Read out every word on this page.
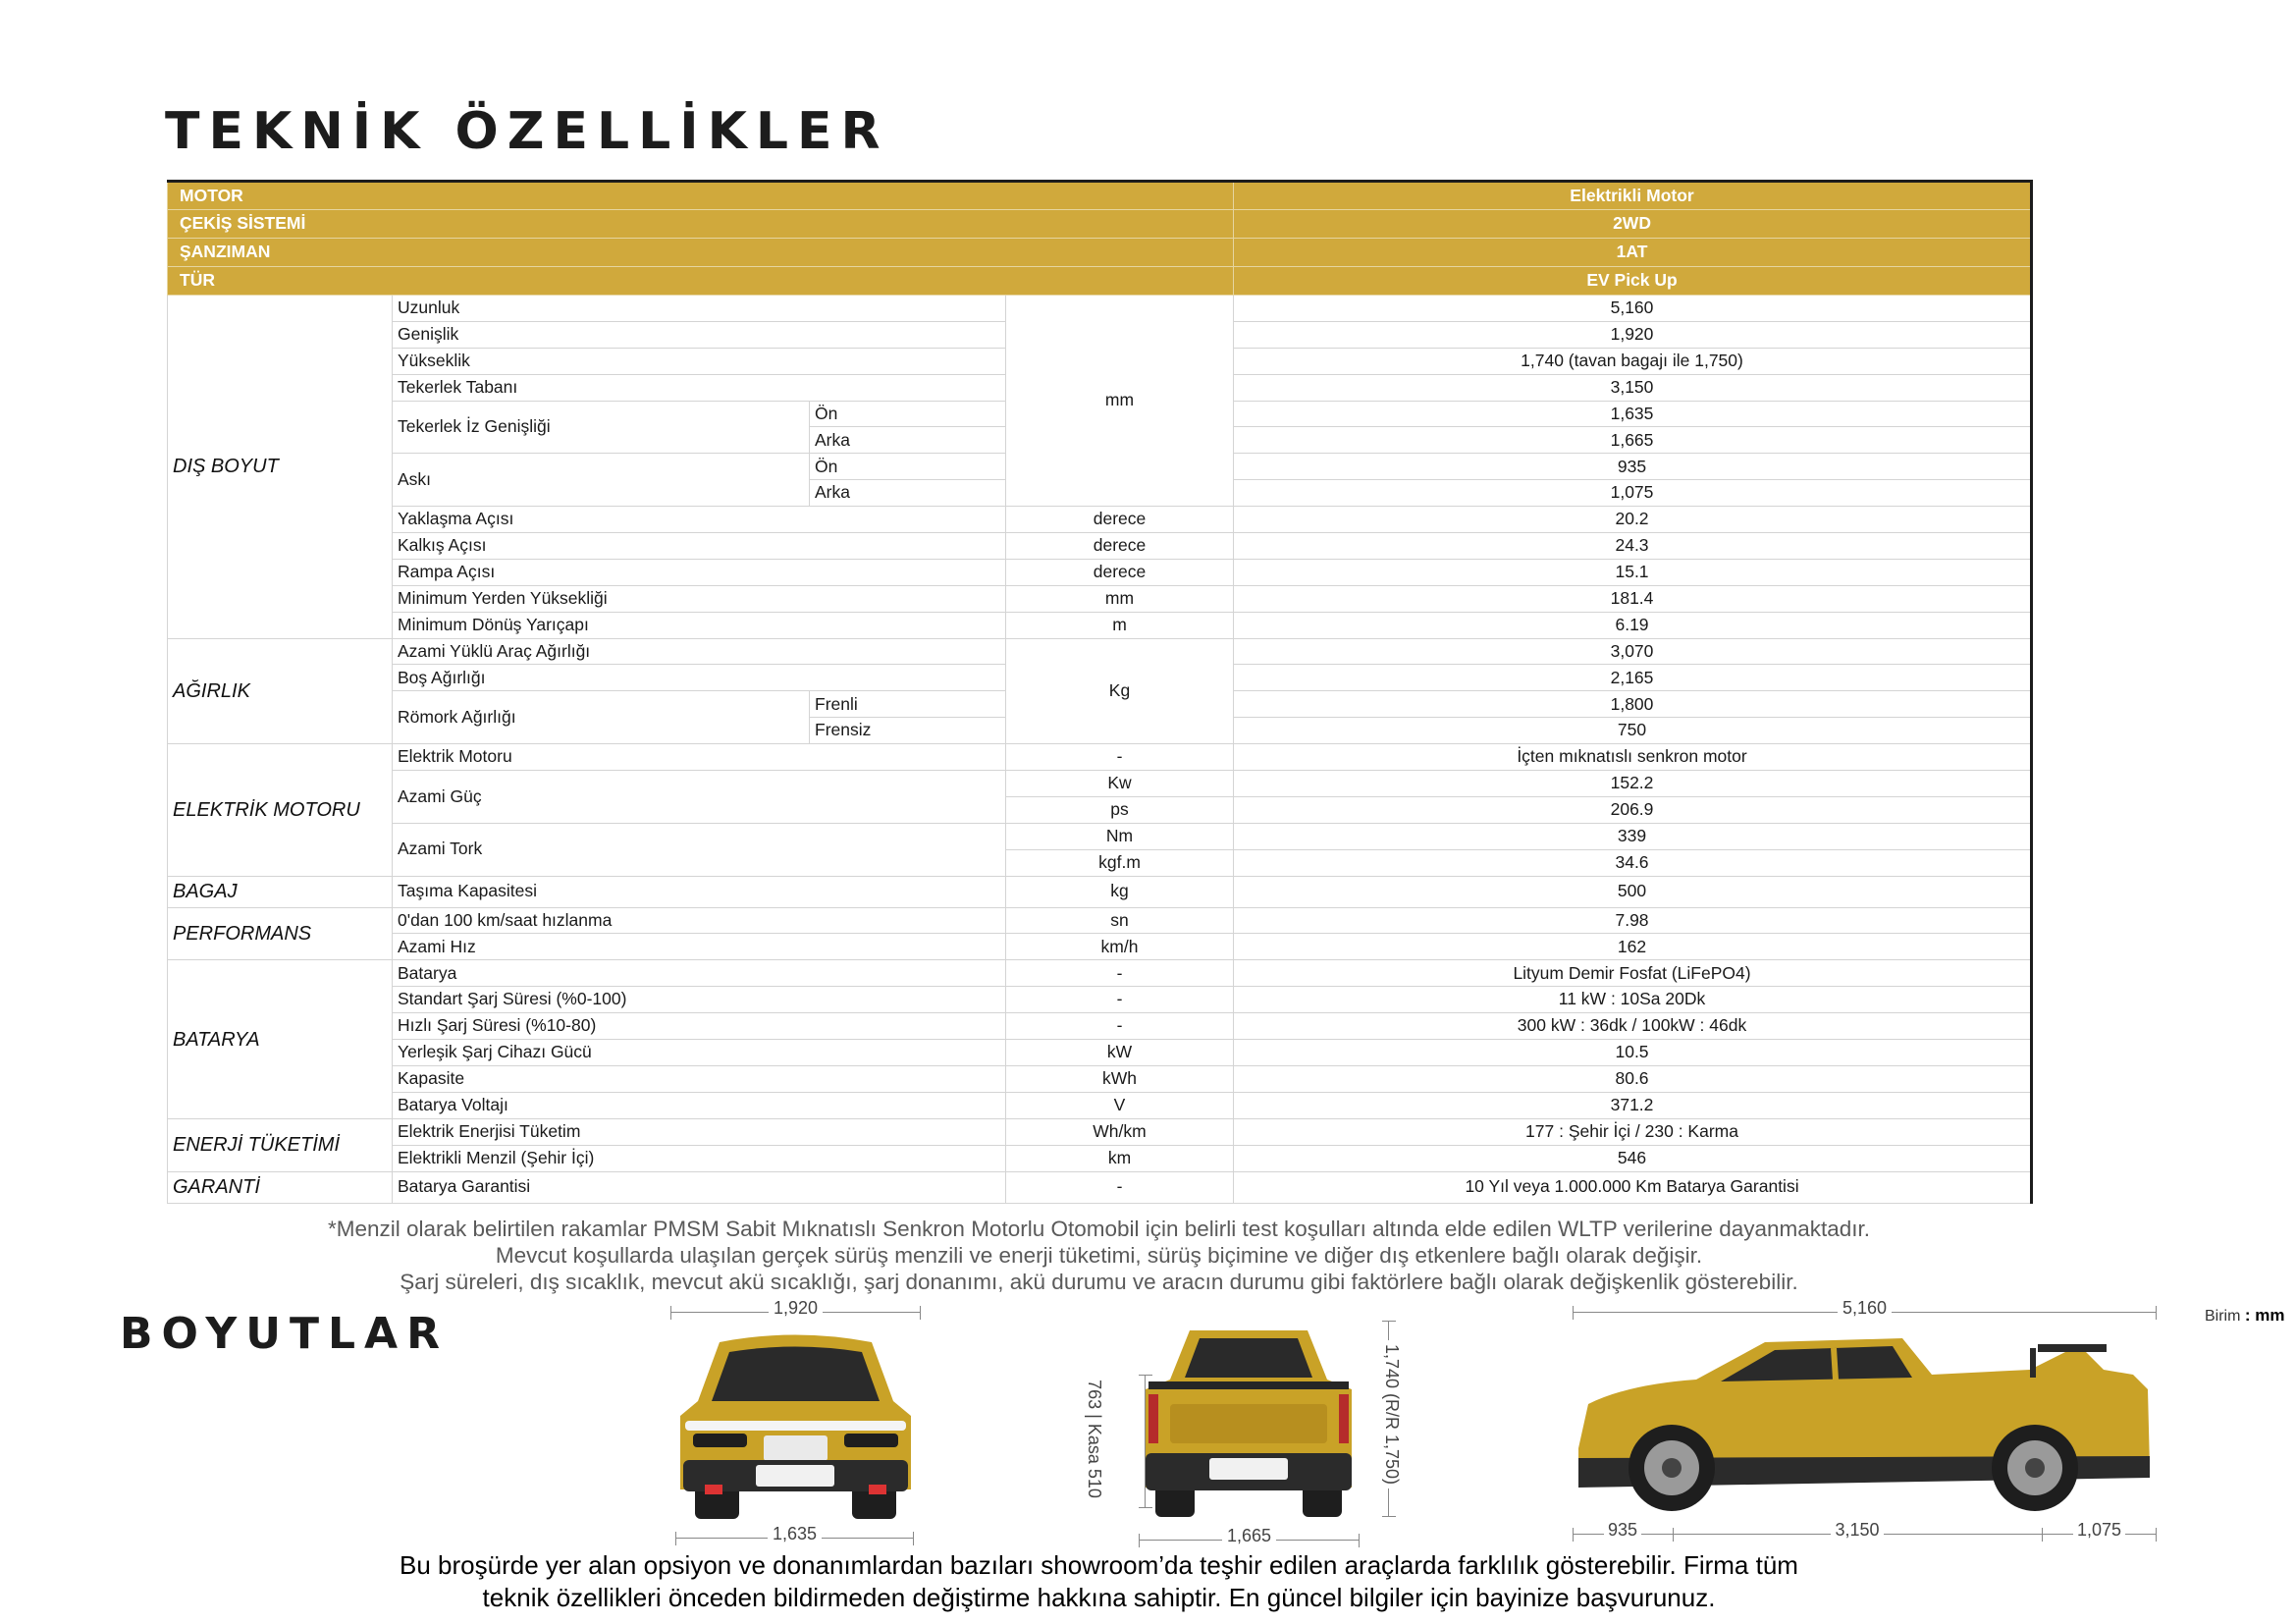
TEKNİK ÖZELLİKLER
MOTOR				Elektrikli Motor
ÇEKİŞ SİSTEMİ				2WD
ŞANZIMAN				1AT
TÜR				EV Pick Up
DIŞ BOYUT	Uzunluk		mm	5,160
	Genişlik			1,920
	Yükseklik			1,740 (tavan bagajı ile 1,750)
	Tekerlek Tabanı			3,150
	Tekerlek İz Genişliği	Ön		1,635
		Arka		1,665
	Askı	Ön		935
		Arka		1,075
	Yaklaşma Açısı		derece	20.2
	Kalkış Açısı		derece	24.3
	Rampa Açısı		derece	15.1
	Minimum Yerden Yüksekliği		mm	181.4
	Minimum Dönüş Yarıçapı		m	6.19
AĞIRLIK	Azami Yüklü Araç Ağırlığı		Kg	3,070
	Boş Ağırlığı			2,165
	Römork Ağırlığı	Frenli		1,800
		Frensiz		750
ELEKTRİK MOTORU	Elektrik Motoru		-	İçten mıknatıslı senkron motor
	Azami Güç		Kw	152.2
			ps	206.9
	Azami Tork		Nm	339
			kgf.m	34.6
BAGAJ	Taşıma Kapasitesi		kg	500
PERFORMANS	0'dan 100 km/saat hızlanma		sn	7.98
	Azami Hız		km/h	162
BATARYA	Batarya		-	Lityum Demir Fosfat (LiFePO4)
	Standart Şarj Süresi (%0-100)		-	11 kW : 10Sa 20Dk
	Hızlı Şarj Süresi (%10-80)		-	300 kW : 36dk / 100kW : 46dk
	Yerleşik Şarj Cihazı Gücü		kW	10.5
	Kapasite		kWh	80.6
	Batarya Voltajı		V	371.2
ENERJİ TÜKETİMİ	Elektrik Enerjisi Tüketim		Wh/km	177 : Şehir İçi / 230 : Karma
	Elektrikli Menzil (Şehir İçi)		km	546
GARANTİ	Batarya Garantisi		-	10 Yıl veya 1.000.000 Km Batarya Garantisi
*Menzil olarak belirtilen rakamlar PMSM Sabit Mıknatıslı Senkron Motorlu Otomobil için belirli test koşulları altında elde edilen WLTP verilerine dayanmaktadır.
Mevcut koşullarda ulaşılan gerçek sürüş menzili ve enerji tüketimi, sürüş biçimine ve diğer dış etkenlere bağlı olarak değişir.
Şarj süreleri, dış sıcaklık, mevcut akü sıcaklığı, şarj donanımı, akü durumu ve aracın durumu gibi faktörlere bağlı olarak değişkenlik gösterebilir.
BOYUTLAR	Birim : mm
1,920
1,635
763 | Kasa 510	1,740 (R/R 1,750)
1,665
5,160
935	3,150	1,075
Bu broşürde yer alan opsiyon ve donanımlardan bazıları showroom’da teşhir edilen araçlarda farklılık gösterebilir. Firma tüm
teknik özellikleri önceden bildirmeden değiştirme hakkına sahiptir. En güncel bilgiler için bayinize başvurunuz.
